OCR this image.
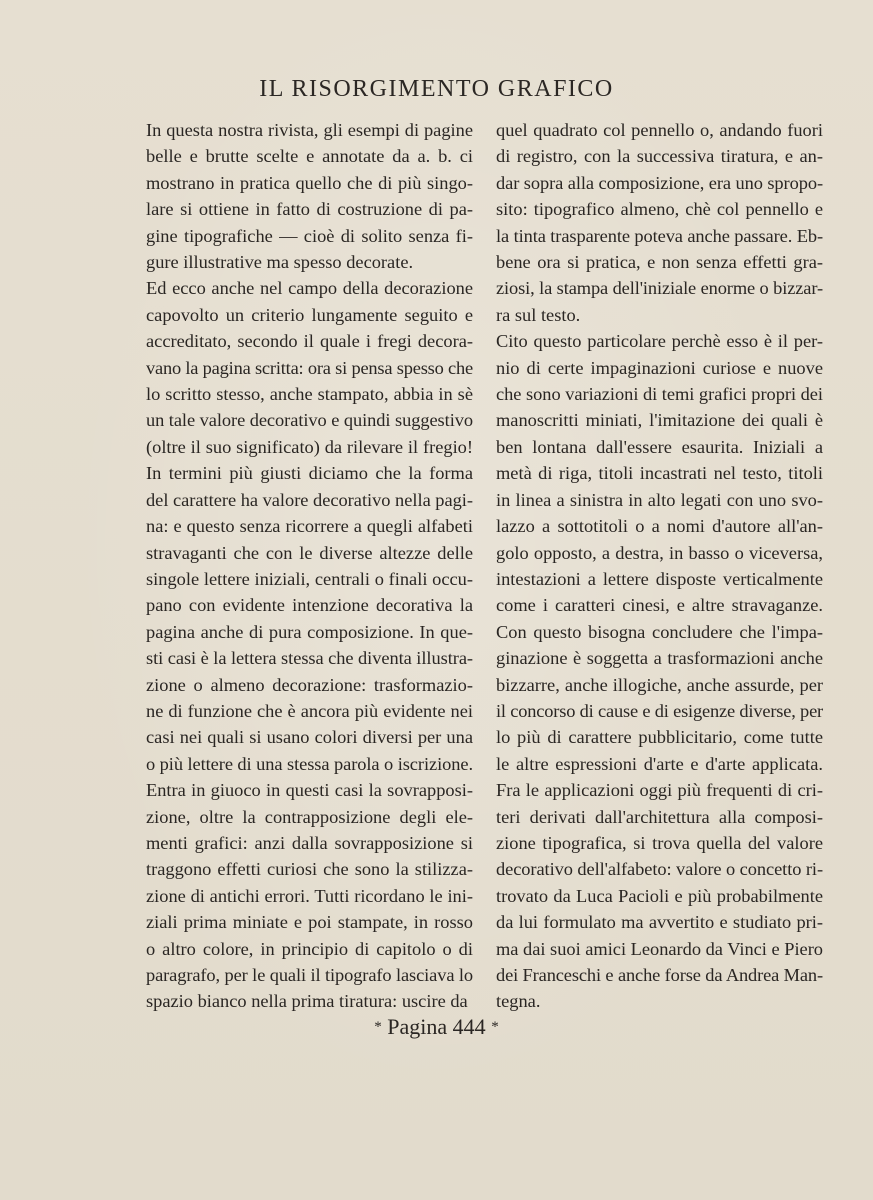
IL RISORGIMENTO GRAFICO

In questa nostra rivista, gli esempi di pagine
belle e brutte scelte e annotate da a. b. ci
mostrano in pratica quello che di più singo-
lare si ottiene in fatto di costruzione di pa-
gine tipografiche — cioè di solito senza fi-
gure illustrative ma spesso decorate.

Ed ecco anche nel campo della decorazione
capovolto un criterio lungamente seguito e
accreditato, secondo il quale i fregi decora-
vano la pagina scritta: ora si pensa spesso che
lo scritto stesso, anche stampato, abbia in sè
un tale valore decorativo e quindi suggestivo
(oltre il suo significato) da rilevare il fregio!
In termini più giusti diciamo che la forma
del carattere ha valore decorativo nella pagi-
na: e questo senza ricorrere a quegli alfabeti
stravaganti che con le diverse altezze delle
singole lettere iniziali, centrali o finali occu-
pano con evidente intenzione decorativa la
pagina anche di pura composizione. In que-
sti casi è la lettera stessa che diventa illustra-
zione o almeno decorazione: trasformazio-
ne di funzione che è ancora più evidente nei
casi nei quali si usano colori diversi per una
o più lettere di una stessa parola o iscrizione.
Entra in giuoco in questi casi la sovrapposi-
zione, oltre la contrapposizione degli ele-
menti grafici: anzi dalla sovrapposizione si
traggono effetti curiosi che sono la stilizza-
zione di antichi errori. Tutti ricordano le ini-
ziali prima miniate e poi stampate, in rosso
o altro colore, in principio di capitolo o di
paragrafo, per le quali il tipografo lasciava lo
spazio bianco nella prima tiratura: uscire da

quel quadrato col pennello o, andando fuori
di registro, con la successiva tiratura, e an-
dar sopra alla composizione, era uno spropo-
sito: tipografico almeno, chè col pennello e
la tinta trasparente poteva anche passare. Eb-
bene ora si pratica, e non senza effetti gra-
ziosi, la stampa dell'iniziale enorme o bizzar-
ra sul testo.

Cito questo particolare perchè esso è il per-
nio di certe impaginazioni curiose e nuove
che sono variazioni di temi grafici propri dei
manoscritti miniati, l'imitazione dei quali è
ben lontana dall'essere esaurita. Iniziali a
metà di riga, titoli incastrati nel testo, titoli
in linea a sinistra in alto legati con uno svo-
lazzo a sottotitoli o a nomi d'autore all'an-
golo opposto, a destra, in basso o viceversa,
intestazioni a lettere disposte verticalmente
come i caratteri cinesi, e altre stravaganze.
Con questo bisogna concludere che l'impa-
ginazione è soggetta a trasformazioni anche
bizzarre, anche illogiche, anche assurde, per
il concorso di cause e di esigenze diverse, per
lo più di carattere pubblicitario, come tutte
le altre espressioni d'arte e d'arte applicata.
Fra le applicazioni oggi più frequenti di cri-
teri derivati dall'architettura alla composi-
zione tipografica, si trova quella del valore
decorativo dell'alfabeto: valore o concetto ri-
trovato da Luca Pacioli e più probabilmente
da lui formulato ma avvertito e studiato pri-
ma dai suoi amici Leonardo da Vinci e Piero
dei Franceschi e anche forse da Andrea Man-
tegna.

* Pagina 444 *
